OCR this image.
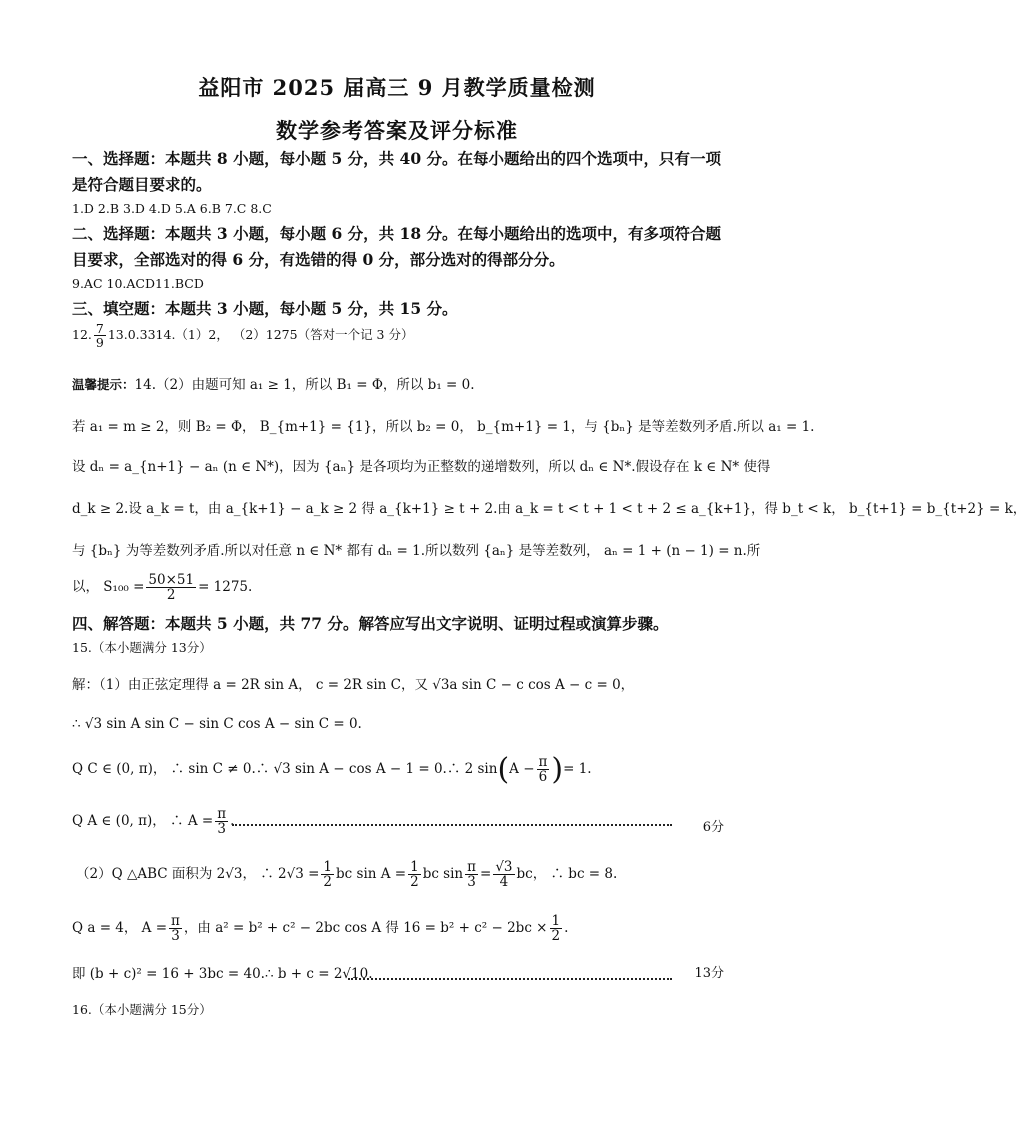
益阳市 2025 届高三 9 月教学质量检测
数学参考答案及评分标准
一、选择题：本题共 8 小题，每小题 5 分，共 40 分。在每小题给出的四个选项中，只有一项
是符合题目要求的。
1.D 2.B 3.D 4.D 5.A 6.B 7.C 8.C
二、选择题：本题共 3 小题，每小题 6 分，共 18 分。在每小题给出的选项中，有多项符合题
目要求，全部选对的得 6 分，有选错的得 0 分，部分选对的得部分分。
9.AC 10.ACD11.BCD
三、填空题：本题共 3 小题，每小题 5 分，共 15 分。
12. $\frac{7}{9} 13.0.3314.(1)2$， （2）1275（答对一个记 3 分）
温馨提示：14.（2）由题可知 a₁ ≥ 1，所以 B₁ = Φ，所以 b₁ = 0.
若 a₁ = m ≥ 2，则 B₂ = Φ， B_{m+1} = {1}，所以 b₂ = 0， b_{m+1} = 1，与 {bₙ} 是等差数列矛盾.所以 a₁ = 1.
设 dₙ = a_{n+1} − aₙ (n ∈ N*)，因为 {aₙ} 是各项均为正整数的递增数列，所以 dₙ ∈ N*.假设存在 k ∈ N* 使得
d_k ≥ 2.设 a_k = t，由 a_{k+1} − a_k ≥ 2 得 a_{k+1} ≥ t + 2.由 a_k = t < t + 1 < t + 2 ≤ a_{k+1}，得 b_t < k， b_{t+1} = b_{t+2} = k，
与 {bₙ} 为等差数列矛盾.所以对任意 n ∈ N* 都有 dₙ = 1.所以数列 {aₙ} 是等差数列， aₙ = 1 + (n − 1) = n.所
以， $S_{100} = \frac{50\times 51}{2} = 1275$.
四、解答题：本题共 5 小题，共 77 分。解答应写出文字说明、证明过程或演算步骤。
15.（本小题满分 13分）
解：（1）由正弦定理得 a = 2R sin A， c = 2R sin C，又 √3a sin C − c cos A − c = 0，
∴ √3 sin A sin C − sin C cos A − sin C = 0.
Q C ∈ (0, π)， ∴ sin C ≠ 0.∴ √3 sin A − cos A − 1 = 0.∴ 2 $\sin(A - \frac{\pi}{6}$ )= 1.
Q A ∈ (0, π)， ∴ $A = \frac{\pi}{3}$ .	6分
（2）Q △ABC 面积为 2√3， ∴ $2√3 = \frac{1}{2}$ bc $\sin A = \frac{1}{2}$ bc $\sin \frac{\pi}{3} = \frac{√3}{4}$ bc， ∴ bc = 8.
Q a = 4， $A = \frac{\pi}{3}$ ，由 a² = b² + c² − 2bc cos A 得 $16 = b^2 + c^2 - 2bc \times \frac{1}{2}$ .
即 (b + c)² = 16 + 3bc = 40.∴ b + c = 2√10.	13分
16.（本小题满分 15分）
